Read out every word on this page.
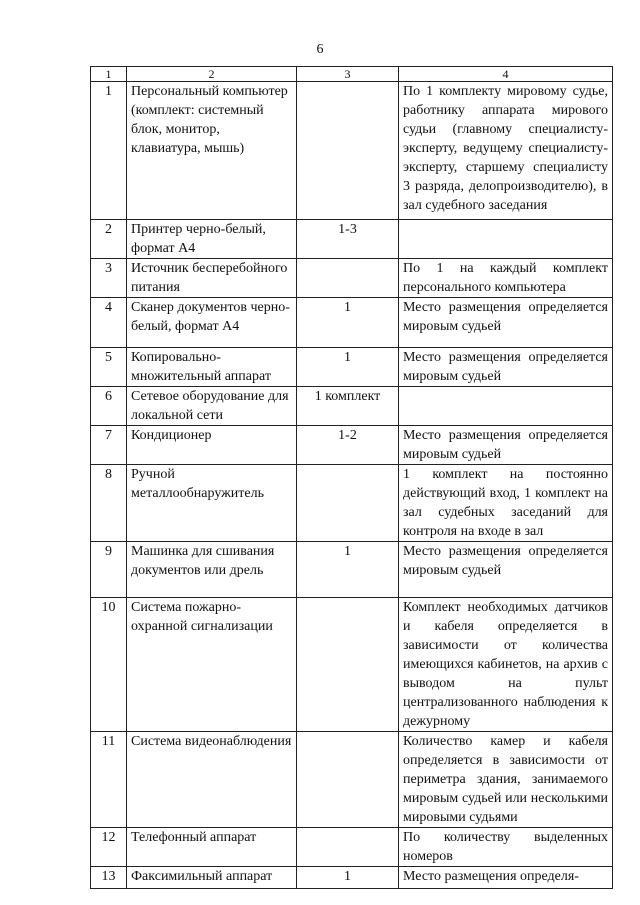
6
1	2	3	4
1	Персональный компьютер (комплект: системный блок, монитор, клавиатура, мышь)		По 1 комплекту мировому судье, работнику аппарата мирового судьи (главному специалисту-эксперту, ведущему специалисту-эксперту, старшему специалисту 3 разряда, делопроизводителю), в зал судебного заседания
2	Принтер черно-белый, формат А4	1-3	
3	Источник бесперебойного питания		По 1 на каждый комплект персонального компьютера
4	Сканер документов черно-белый, формат А4	1	Место размещения определяется мировым судьей
5	Копировально-множительный аппарат	1	Место размещения определяется мировым судьей
6	Сетевое оборудование для локальной сети	1 комплект	
7	Кондиционер	1-2	Место размещения определяется мировым судьей
8	Ручной металлообнаружитель		1 комплект на постоянно действующий вход, 1 комплект на зал судебных заседаний для контроля на входе в зал
9	Машинка для сшивания документов или дрель	1	Место размещения определяется мировым судьей
10	Система пожарно-охранной сигнализации		Комплект необходимых датчиков и кабеля определяется в зависимости от количества имеющихся кабинетов, на архив с выводом на пульт централизованного наблюдения к дежурному
11	Система видеонаблюдения		Количество камер и кабеля определяется в зависимости от периметра здания, занимаемого мировым судьей или несколькими мировыми судьями
12	Телефонный аппарат		По количеству выделенных номеров
13	Факсимильный аппарат	1	Место размещения определя-
